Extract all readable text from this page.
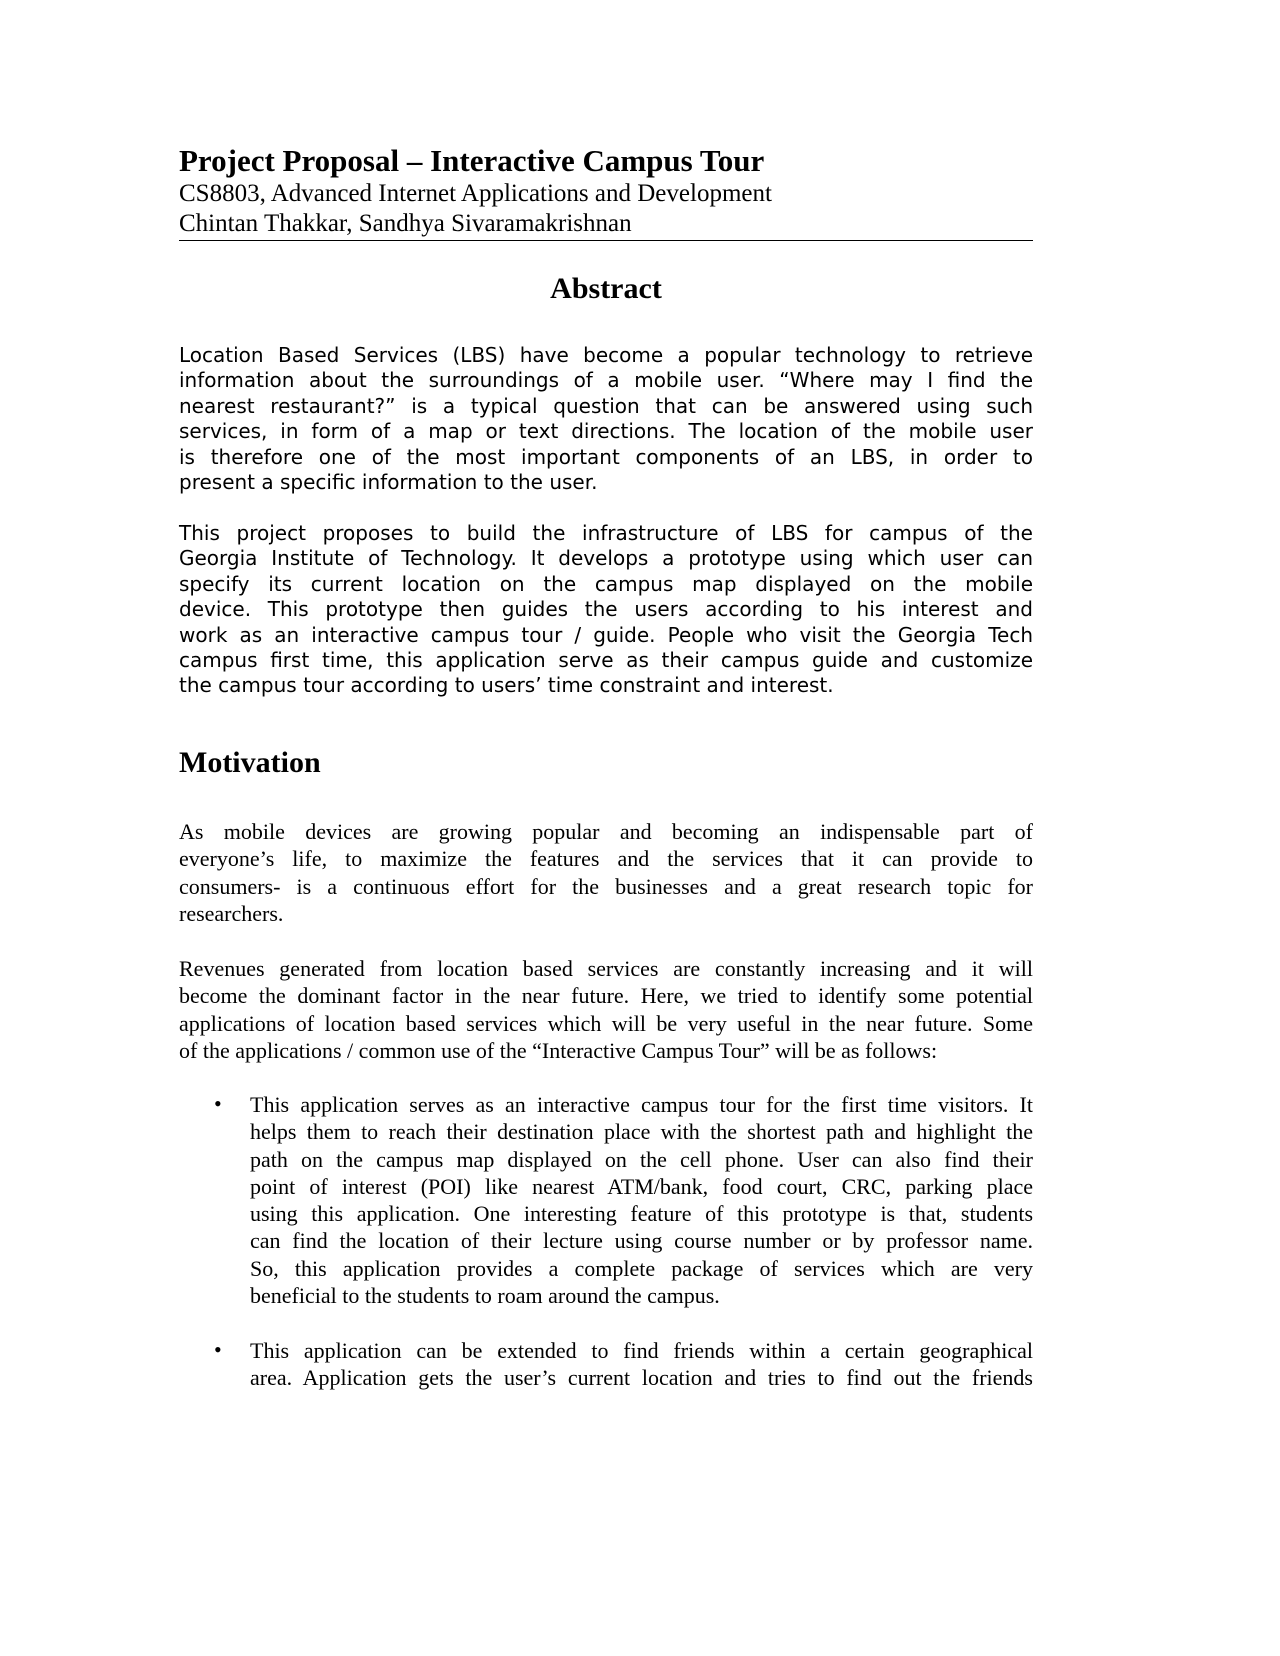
Project Proposal – Interactive Campus Tour
CS8803, Advanced Internet Applications and Development
Chintan Thakkar, Sandhya Sivaramakrishnan
Abstract
Location Based Services (LBS) have become a popular technology to retrieve
information about the surroundings of a mobile user. “Where may I find the
nearest restaurant?” is a typical question that can be answered using such
services, in form of a map or text directions. The location of the mobile user
is therefore one of the most important components of an LBS, in order to
present a specific information to the user.
This project proposes to build the infrastructure of LBS for campus of the
Georgia Institute of Technology. It develops a prototype using which user can
specify its current location on the campus map displayed on the mobile
device. This prototype then guides the users according to his interest and
work as an interactive campus tour / guide. People who visit the Georgia Tech
campus first time, this application serve as their campus guide and customize
the campus tour according to users’ time constraint and interest.
Motivation
As mobile devices are growing popular and becoming an indispensable part of
everyone’s life, to maximize the features and the services that it can provide to
consumers- is a continuous effort for the businesses and a great research topic for
researchers.
Revenues generated from location based services are constantly increasing and it will
become the dominant factor in the near future. Here, we tried to identify some potential
applications of location based services which will be very useful in the near future. Some
of the applications / common use of the “Interactive Campus Tour” will be as follows:
• This application serves as an interactive campus tour for the first time visitors. It
helps them to reach their destination place with the shortest path and highlight the
path on the campus map displayed on the cell phone. User can also find their
point of interest (POI) like nearest ATM/bank, food court, CRC, parking place
using this application. One interesting feature of this prototype is that, students
can find the location of their lecture using course number or by professor name.
So, this application provides a complete package of services which are very
beneficial to the students to roam around the campus.
• This application can be extended to find friends within a certain geographical
area. Application gets the user’s current location and tries to find out the friends
